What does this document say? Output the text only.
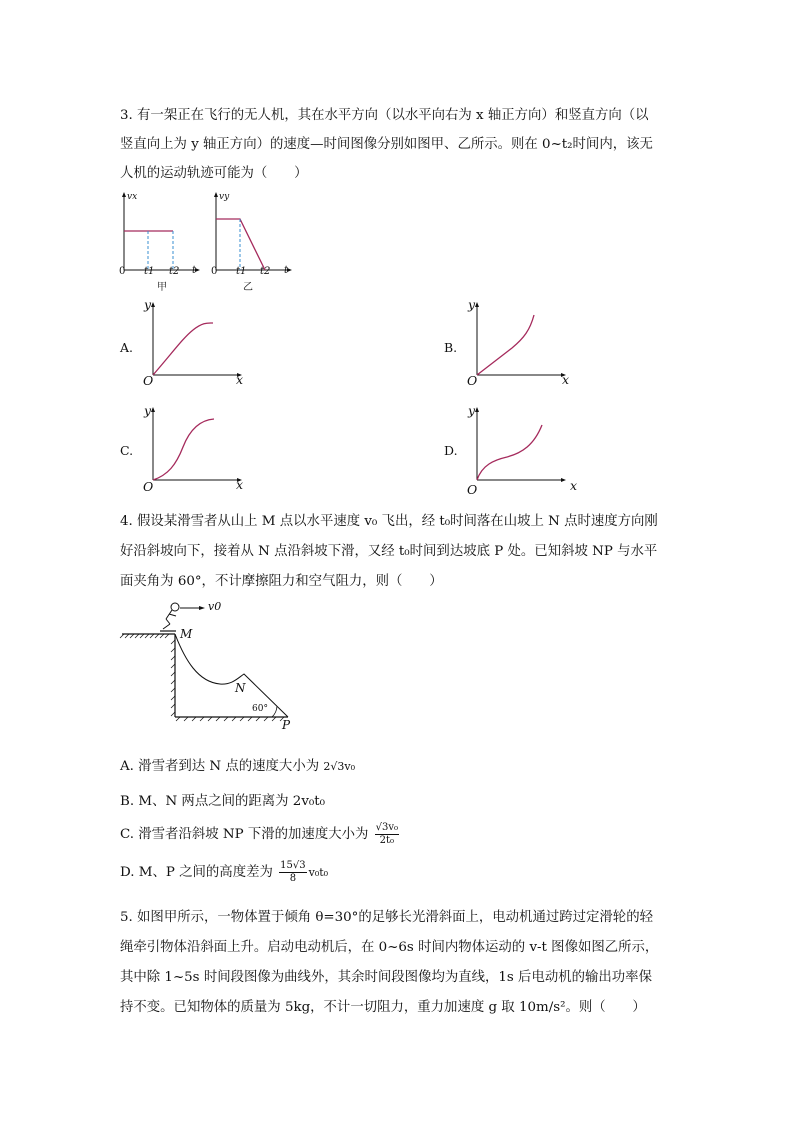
3. 有一架正在飞行的无人机，其在水平方向（以水平向右为 x 轴正方向）和竖直方向（以
竖直向上为 y 轴正方向）的速度—时间图像分别如图甲、乙所示。则在 0~t₂时间内，该无
人机的运动轨迹可能为（　　）
vx
0 t1 t2 t
甲
vy
0 t1 t2 t
乙
A.
y
O	x
B.
y
O	x
C.
y
O	x
D.
y
O	x
4. 假设某滑雪者从山上 M 点以水平速度 v₀ 飞出，经 t₀时间落在山坡上 N 点时速度方向刚
好沿斜坡向下，接着从 N 点沿斜坡下滑，又经 t₀时间到达坡底 P 处。已知斜坡 NP 与水平
面夹角为 60°，不计摩擦阻力和空气阻力，则（　　）
M
N
P
v0
60°
A. 滑雪者到达 N 点的速度大小为 2√3v₀
B. M、N 两点之间的距离为 2v₀t₀
C. 滑雪者沿斜坡 NP 下滑的加速度大小为 $\frac{\text{√3v₀}}{\text{2t₀}}$
D. M、P 之间的高度差为 $\frac{15√3}{8} v_0t_0$
5. 如图甲所示，一物体置于倾角 θ=30°的足够长光滑斜面上，电动机通过跨过定滑轮的轻
绳牵引物体沿斜面上升。启动电动机后，在 0~6s 时间内物体运动的 v-t 图像如图乙所示，
其中除 1~5s 时间段图像为曲线外，其余时间段图像均为直线，1s 后电动机的输出功率保
持不变。已知物体的质量为 5kg，不计一切阻力，重力加速度 g 取 10m/s²。则（　　）
